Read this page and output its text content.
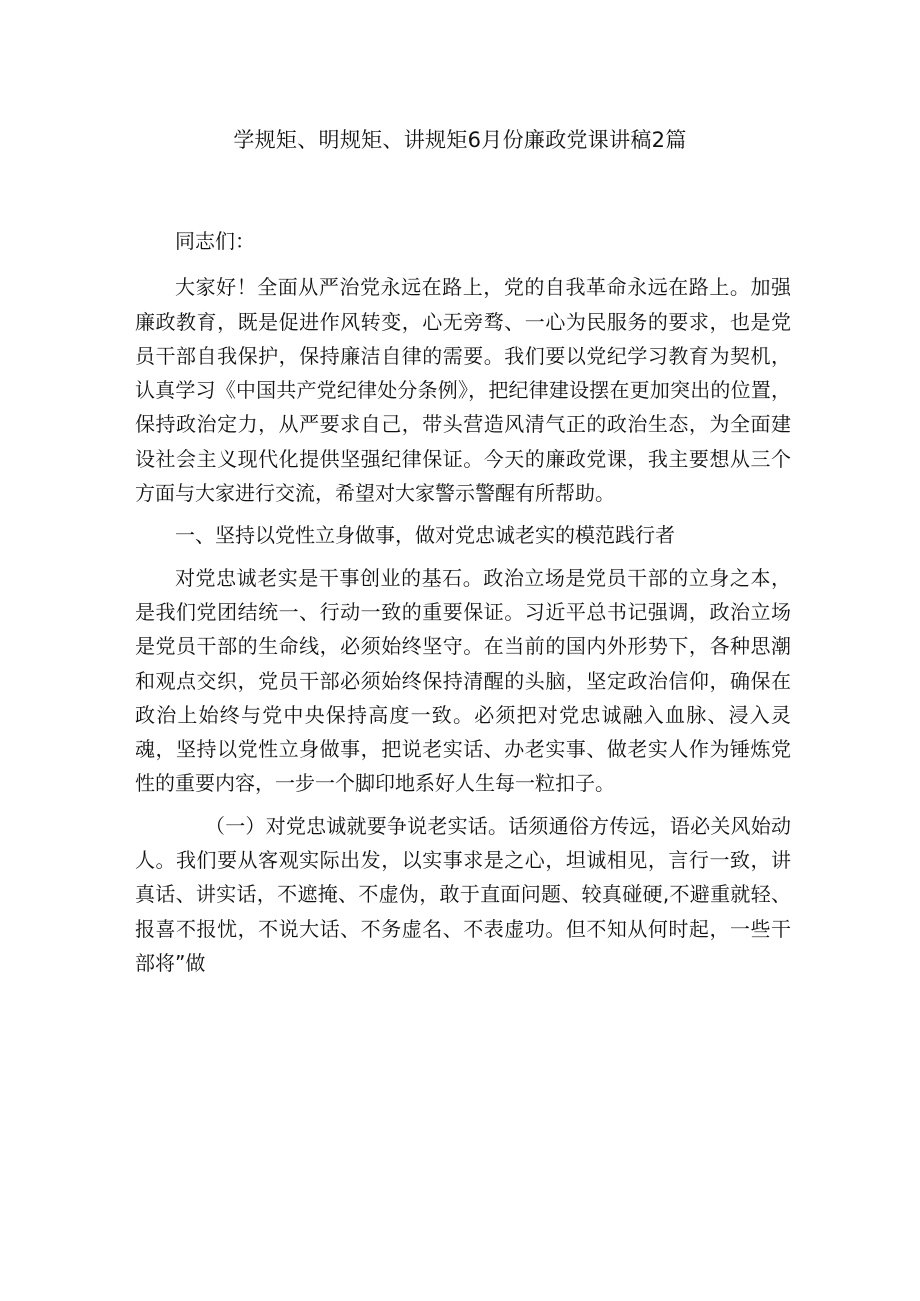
学规矩、明规矩、讲规矩6月份廉政党课讲稿2篇

同志们：

大家好！全面从严治党永远在路上，党的自我革命永远在路上。加强廉政教育，既是促进作风转变，心无旁骛、一心为民服务的要求，也是党员干部自我保护，保持廉洁自律的需要。我们要以党纪学习教育为契机，认真学习《中国共产党纪律处分条例》，把纪律建设摆在更加突出的位置，保持政治定力，从严要求自己，带头营造风清气正的政治生态，为全面建设社会主义现代化提供坚强纪律保证。今天的廉政党课，我主要想从三个方面与大家进行交流，希望对大家警示警醒有所帮助。

一、坚持以党性立身做事，做对党忠诚老实的模范践行者

对党忠诚老实是干事创业的基石。政治立场是党员干部的立身之本，是我们党团结统一、行动一致的重要保证。习近平总书记强调，政治立场是党员干部的生命线，必须始终坚守。在当前的国内外形势下，各种思潮和观点交织，党员干部必须始终保持清醒的头脑，坚定政治信仰，确保在政治上始终与党中央保持高度一致。必须把对党忠诚融入血脉、浸入灵魂，坚持以党性立身做事，把说老实话、办老实事、做老实人作为锤炼党性的重要内容，一步一个脚印地系好人生每一粒扣子。

（一）对党忠诚就要争说老实话。话须通俗方传远，语必关风始动人。我们要从客观实际出发，以实事求是之心，坦诚相见，言行一致，讲真话、讲实话，不遮掩、不虚伪，敢于直面问题、较真碰硬,不避重就轻、报喜不报忧，不说大话、不务虚名、不表虚功。但不知从何时起，一些干部将”做
